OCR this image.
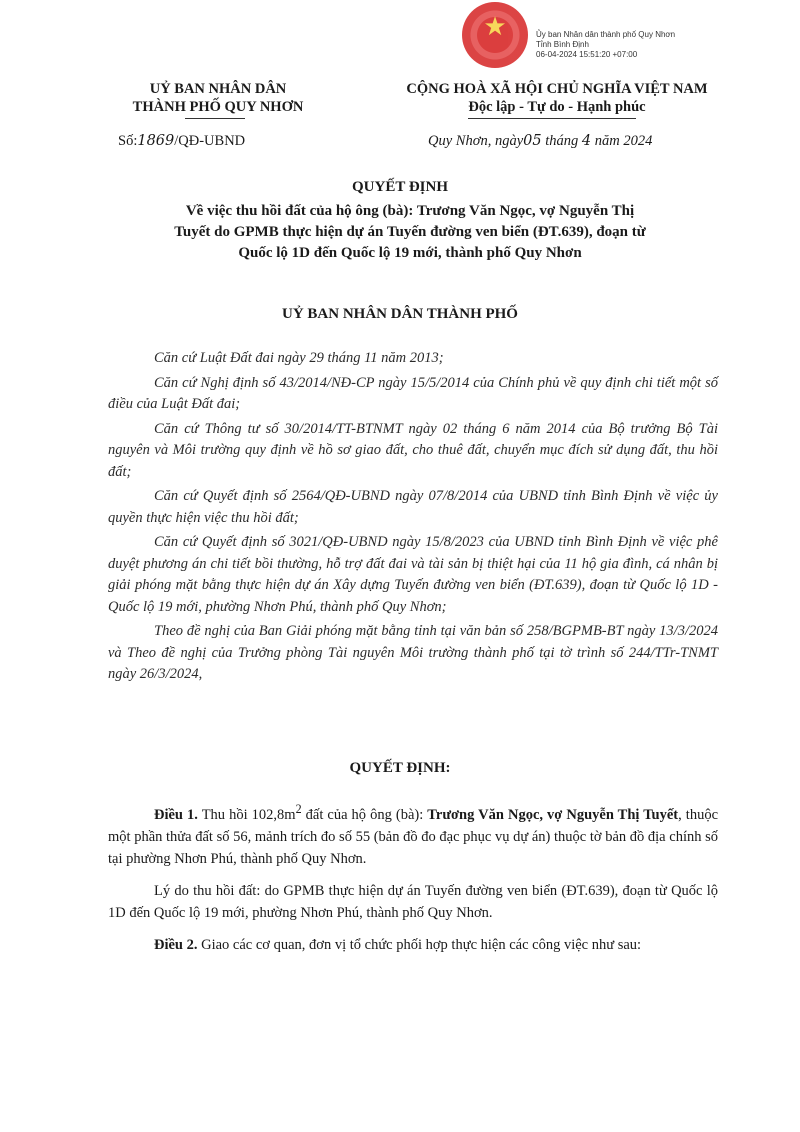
★	Ủy ban Nhân dân thành phố Quy Nhơn
Tỉnh Bình Định
06-04-2024 15:51:20 +07:00
UỶ BAN NHÂN DÂN
THÀNH PHỐ QUY NHƠN
CỘNG HOÀ XÃ HỘI CHỦ NGHĨA VIỆT NAM
Độc lập - Tự do - Hạnh phúc
Số:1869/QĐ-UBND	Quy Nhơn, ngày05 tháng 4 năm 2024
QUYẾT ĐỊNH
Về việc thu hồi đất của hộ ông (bà): Trương Văn Ngọc, vợ Nguyễn Thị
Tuyết do GPMB thực hiện dự án Tuyến đường ven biển (ĐT.639), đoạn từ
Quốc lộ 1D đến Quốc lộ 19 mới, thành phố Quy Nhơn
UỶ BAN NHÂN DÂN THÀNH PHỐ

Căn cứ Luật Đất đai ngày 29 tháng 11 năm 2013;

Căn cứ Nghị định số 43/2014/NĐ-CP ngày 15/5/2014 của Chính phủ về quy định chi tiết một số điều của Luật Đất đai;

Căn cứ Thông tư số 30/2014/TT-BTNMT ngày 02 tháng 6 năm 2014 của Bộ trưởng Bộ Tài nguyên và Môi trường quy định về hồ sơ giao đất, cho thuê đất, chuyển mục đích sử dụng đất, thu hồi đất;

Căn cứ Quyết định số 2564/QĐ-UBND ngày 07/8/2014 của UBND tỉnh Bình Định về việc ủy quyền thực hiện việc thu hồi đất;

Căn cứ Quyết định số 3021/QĐ-UBND ngày 15/8/2023 của UBND tỉnh Bình Định về việc phê duyệt phương án chi tiết bồi thường, hỗ trợ đất đai và tài sản bị thiệt hại của 11 hộ gia đình, cá nhân bị giải phóng mặt bằng thực hiện dự án Xây dựng Tuyến đường ven biển (ĐT.639), đoạn từ Quốc lộ 1D - Quốc lộ 19 mới, phường Nhơn Phú, thành phố Quy Nhơn;

Theo đề nghị của Ban Giải phóng mặt bằng tỉnh tại văn bản số 258/BGPMB-BT ngày 13/3/2024 và Theo đề nghị của Trưởng phòng Tài nguyên Môi trường thành phố tại tờ trình số 244/TTr-TNMT ngày 26/3/2024,

QUYẾT ĐỊNH:

Điều 1. Thu hồi $102,8m^2$ đất của hộ ông (bà): Trương Văn Ngọc, vợ Nguyễn Thị Tuyết, thuộc một phần thửa đất số 56, mảnh trích đo số 55 (bản đồ đo đạc phục vụ dự án) thuộc tờ bản đồ địa chính số tại phường Nhơn Phú, thành phố Quy Nhơn.

Lý do thu hồi đất: do GPMB thực hiện dự án Tuyến đường ven biển (ĐT.639), đoạn từ Quốc lộ 1D đến Quốc lộ 19 mới, phường Nhơn Phú, thành phố Quy Nhơn.

Điều 2. Giao các cơ quan, đơn vị tổ chức phối hợp thực hiện các công việc như sau:
